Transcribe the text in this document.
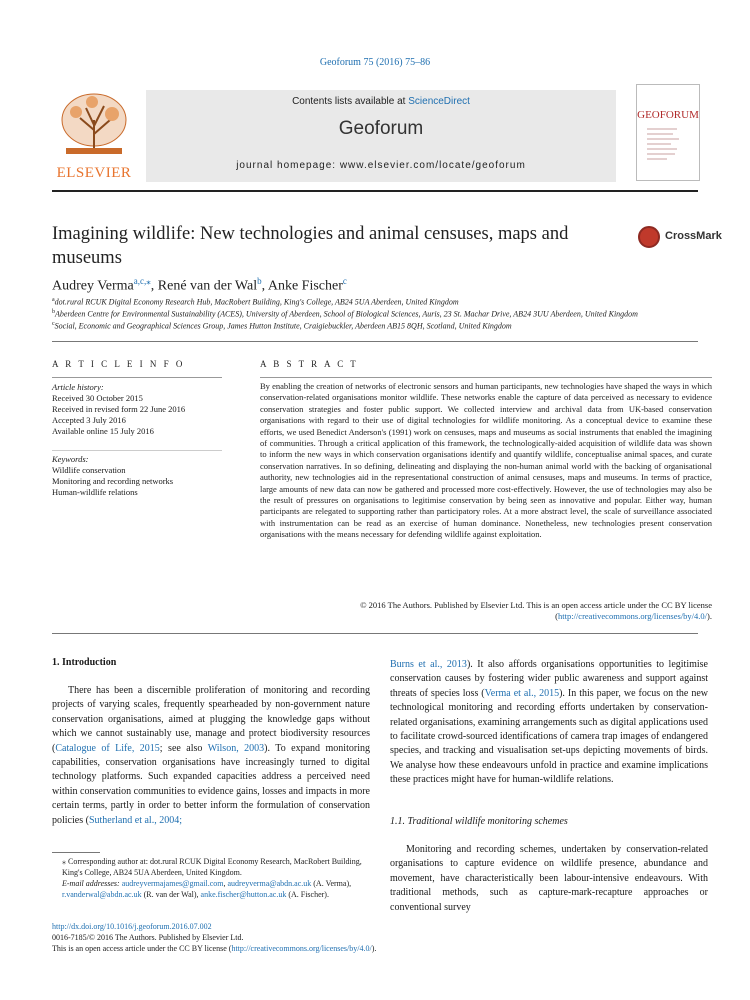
Geoforum 75 (2016) 75–86
ELSEVIER
Contents lists available at ScienceDirect
Geoforum
journal homepage: www.elsevier.com/locate/geoforum
GEOFORUM
Imagining wildlife: New technologies and animal censuses, maps and museums
CrossMark
Audrey Verma$^{a,c,⁎}$, René van der Wal$^b$, Anke Fischer$^c$
$^a$dot.rural RCUK Digital Economy Research Hub, MacRobert Building, King's College, AB24 5UA Aberdeen, United Kingdom
$^b$Aberdeen Centre for Environmental Sustainability (ACES), University of Aberdeen, School of Biological Sciences, Auris, 23 St. Machar Drive, AB24 3UU Aberdeen, United Kingdom
$^c$Social, Economic and Geographical Sciences Group, James Hutton Institute, Craigiebuckler, Aberdeen AB15 8QH, Scotland, United Kingdom
A R T I C L E I N F O
Article history:
Received 30 October 2015
Received in revised form 22 June 2016
Accepted 3 July 2016
Available online 15 July 2016
Keywords:
Wildlife conservation
Monitoring and recording networks
Human-wildlife relations
A B S T R A C T
By enabling the creation of networks of electronic sensors and human participants, new technologies have shaped the ways in which conservation-related organisations monitor wildlife. These networks enable the capture of data perceived as necessary to evidence conservation strategies and foster public support. We collected interview and archival data from UK-based conservation organisations with regard to their use of digital technologies for wildlife monitoring. As a conceptual device to examine these efforts, we used Benedict Anderson's (1991) work on censuses, maps and museums as social instruments that enabled the imagining of communities. Through a critical application of this framework, the technologically-aided acquisition of wildlife data was shown to inform the new ways in which conservation organisations identify and quantify wildlife, conceptualise animal spaces, and curate conservation narratives. In so defining, delineating and displaying the non-human animal world with the backing of organisational authority, new technologies aid in the representational construction of animal censuses, maps and museums. In terms of practice, large amounts of new data can now be gathered and processed more cost-effectively. However, the use of technologies may also be the result of pressures on organisations to legitimise conservation by being seen as innovative and popular. Either way, human participants are relegated to supporting rather than participatory roles. At a more abstract level, the scale of surveillance associated with instrumentation can be read as an exercise of human dominance. Nonetheless, new technologies present conservation organisations with the means necessary for defending wildlife against exploitation.
© 2016 The Authors. Published by Elsevier Ltd. This is an open access article under the CC BY license (http://creativecommons.org/licenses/by/4.0/).
1. Introduction
There has been a discernible proliferation of monitoring and recording projects of varying scales, frequently spearheaded by non-government nature conservation organisations, aimed at plugging the knowledge gaps without which we cannot sustainably use, manage and protect biodiversity resources (Catalogue of Life, 2015; see also Wilson, 2003). To expand monitoring capabilities, conservation organisations have increasingly turned to digital technology platforms. Such expanded capacities address a perceived need within conservation communities to evidence gains, losses and impacts in more certain terms, partly in order to better inform the formulation of conservation policies (Sutherland et al., 2004;
Burns et al., 2013). It also affords organisations opportunities to legitimise conservation causes by fostering wider public awareness and support against threats of species loss (Verma et al., 2015). In this paper, we focus on the new technological monitoring and recording efforts undertaken by conservation-related organisations, examining arrangements such as digital applications used to facilitate crowd-sourced identifications of camera trap images of endangered species, and tracking and visualisation set-ups depicting movements of birds. We analyse how these endeavours unfold in practice and examine implications these practices might have for human-wildlife relations.
1.1. Traditional wildlife monitoring schemes
Monitoring and recording schemes, undertaken by conservation-related organisations to capture evidence on wildlife presence, abundance and movement, have characteristically been labour-intensive endeavours. With traditional methods, such as capture-mark-recapture approaches or conventional survey
⁎ Corresponding author at: dot.rural RCUK Digital Economy Research, MacRobert Building, King's College, AB24 5UA Aberdeen, United Kingdom.
E-mail addresses: audreyvermajames@gmail.com, audreyverma@abdn.ac.uk (A. Verma), r.vanderwal@abdn.ac.uk (R. van der Wal), anke.fischer@hutton.ac.uk (A. Fischer).
http://dx.doi.org/10.1016/j.geoforum.2016.07.002
0016-7185/© 2016 The Authors. Published by Elsevier Ltd.
This is an open access article under the CC BY license (http://creativecommons.org/licenses/by/4.0/).
